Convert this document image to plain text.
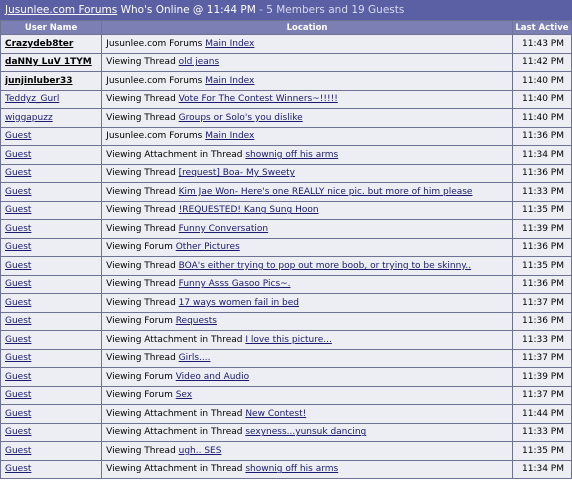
Jusunlee.com Forums Who's Online @ 11:44 PM - 5 Members and 19 Guests
User Name	Location	Last Active
Crazydeb8ter	Jusunlee.com Forums Main Index	11:43 PM
daNNy LuV 1TYM	Viewing Thread old jeans	11:42 PM
junjinluber33	Jusunlee.com Forums Main Index	11:40 PM
Teddyz_Gurl	Viewing Thread Vote For The Contest Winners~!!!!!	11:40 PM
wiggapuzz	Viewing Thread Groups or Solo's you dislike	11:40 PM
Guest	Jusunlee.com Forums Main Index	11:36 PM
Guest	Viewing Attachment in Thread shownig off his arms	11:34 PM
Guest	Viewing Thread [request] Boa- My Sweety	11:36 PM
Guest	Viewing Thread Kim Jae Won- Here's one REALLY nice pic. but more of him please	11:33 PM
Guest	Viewing Thread !REQUESTED! Kang Sung Hoon	11:35 PM
Guest	Viewing Thread Funny Conversation	11:39 PM
Guest	Viewing Forum Other Pictures	11:36 PM
Guest	Viewing Thread BOA's either trying to pop out more boob, or trying to be skinny..	11:35 PM
Guest	Viewing Thread Funny Asss Gasoo Pics~.	11:36 PM
Guest	Viewing Thread 17 ways women fail in bed	11:37 PM
Guest	Viewing Forum Requests	11:36 PM
Guest	Viewing Attachment in Thread I love this picture...	11:33 PM
Guest	Viewing Thread Girls....	11:37 PM
Guest	Viewing Forum Video and Audio	11:39 PM
Guest	Viewing Forum Sex	11:37 PM
Guest	Viewing Attachment in Thread New Contest!	11:44 PM
Guest	Viewing Attachment in Thread sexyness...yunsuk dancing	11:33 PM
Guest	Viewing Thread ugh.. SES	11:35 PM
Guest	Viewing Attachment in Thread shownig off his arms	11:34 PM
